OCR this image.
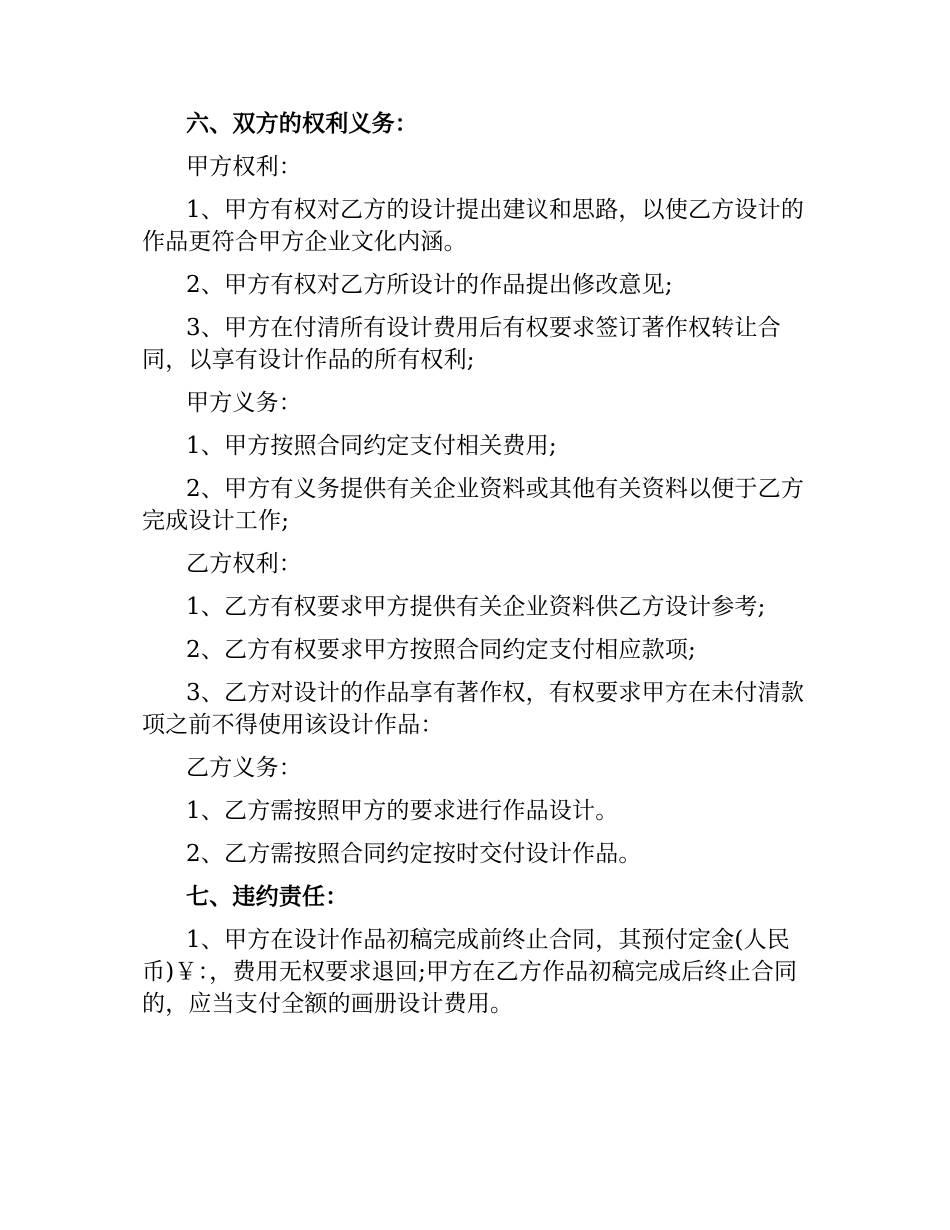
六、双方的权利义务：

甲方权利：

1、甲方有权对乙方的设计提出建议和思路，以使乙方设计的作品更符合甲方企业文化内涵。

2、甲方有权对乙方所设计的作品提出修改意见;

3、甲方在付清所有设计费用后有权要求签订著作权转让合同，以享有设计作品的所有权利;

甲方义务：

1、甲方按照合同约定支付相关费用;

2、甲方有义务提供有关企业资料或其他有关资料以便于乙方完成设计工作;

乙方权利：

1、乙方有权要求甲方提供有关企业资料供乙方设计参考;

2、乙方有权要求甲方按照合同约定支付相应款项;

3、乙方对设计的作品享有著作权，有权要求甲方在未付清款项之前不得使用该设计作品：

乙方义务：

1、乙方需按照甲方的要求进行作品设计。

2、乙方需按照合同约定按时交付设计作品。

七、违约责任：

1、甲方在设计作品初稿完成前终止合同，其预付定金(人民币)￥：，费用无权要求退回;甲方在乙方作品初稿完成后终止合同的，应当支付全额的画册设计费用。
